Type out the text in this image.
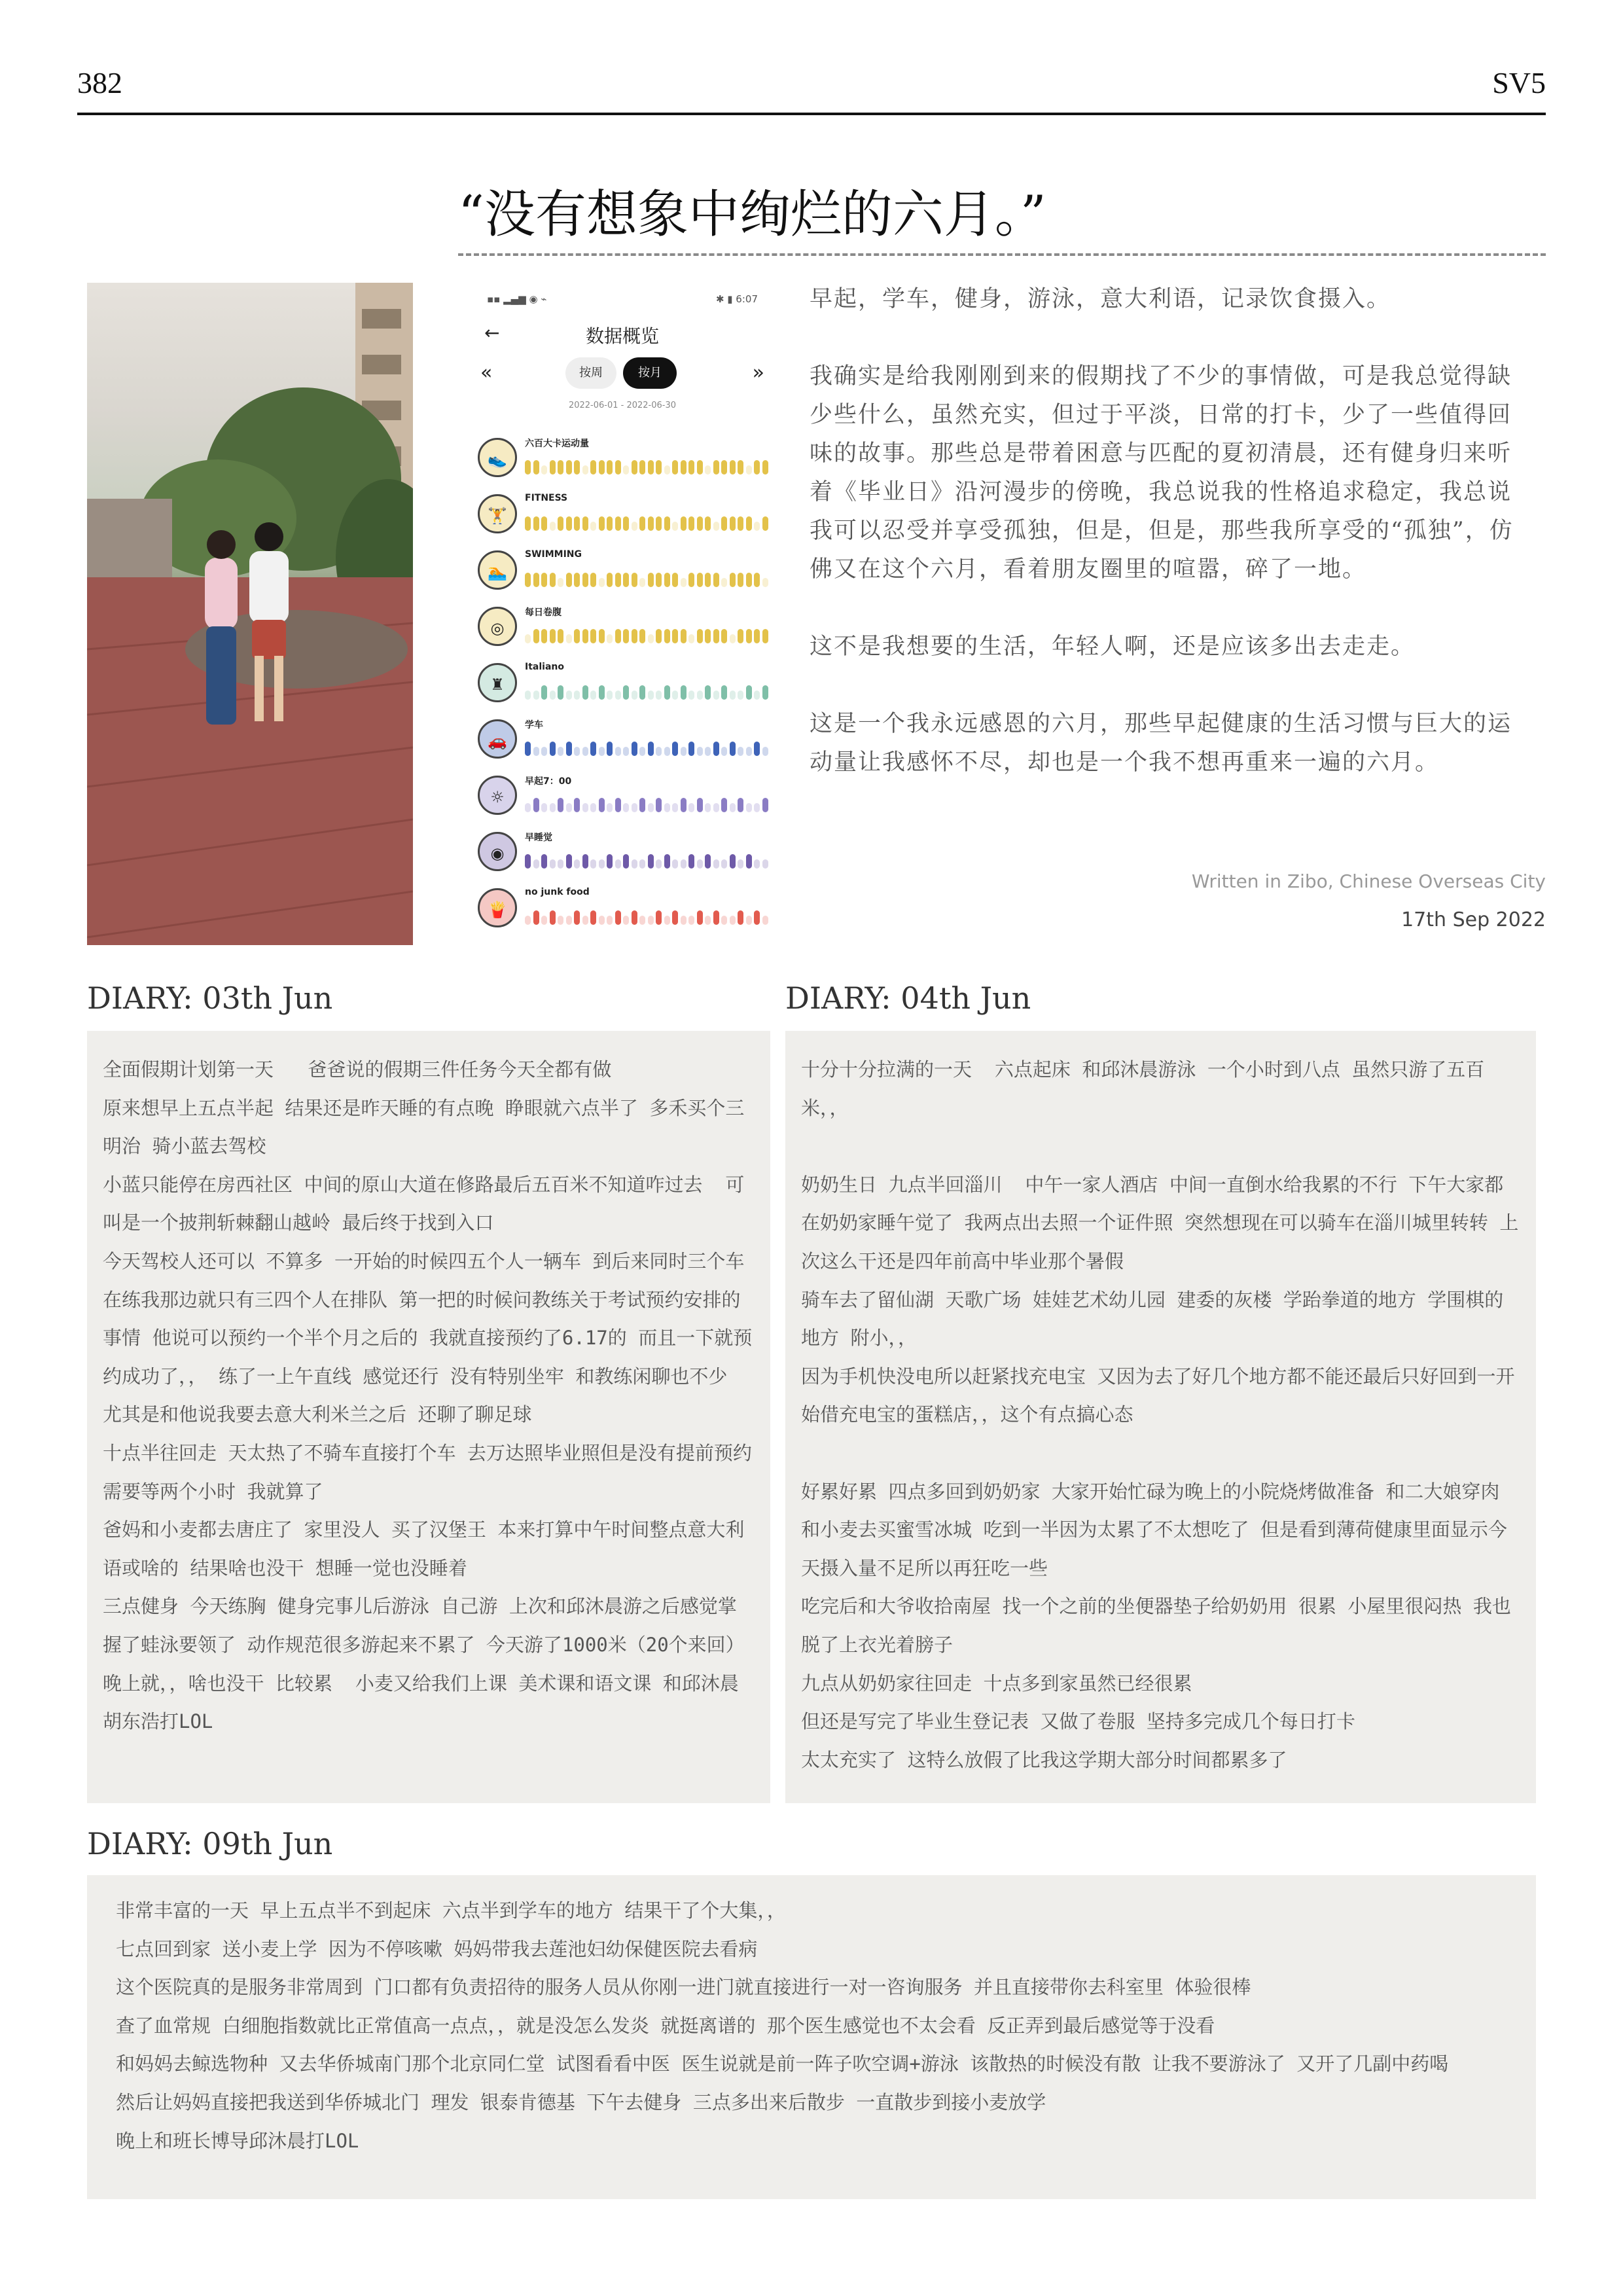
382	SV5
“没有想象中绚烂的六月。”
▪▪ ▂▄▆ ◉ ⌁	✱ ▮ 6:07
←	数据概览
«	»
按周	按月
2022-06-01 - 2022-06-30
👟
六百大卡运动量
🏋
FITNESS
🏊
SWIMMING
◎
每日卷腹
♜
Italiano
🚗
学车
☼
早起7：00
◉
早睡觉
🍟
no junk food

早起，学车，健身，游泳，意大利语，记录饮食摄入。

我确实是给我刚刚到来的假期找了不少的事情做，可是我总觉得缺少些什么，虽然充实，但过于平淡，日常的打卡，少了一些值得回味的故事。那些总是带着困意与匹配的夏初清晨，还有健身归来听着《毕业日》沿河漫步的傍晚，我总说我的性格追求稳定，我总说我可以忍受并享受孤独，但是，但是，那些我所享受的“孤独”，仿佛又在这个六月，看着朋友圈里的喧嚣，碎了一地。

这不是我想要的生活，年轻人啊，还是应该多出去走走。

这是一个我永远感恩的六月，那些早起健康的生活习惯与巨大的运动量让我感怀不尽，却也是一个我不想再重来一遍的六月。

Written in Zibo, Chinese Overseas City
17th Sep 2022
DIARY: 03th Jun
全面假期计划第一天   爸爸说的假期三件任务今天全都有做
原来想早上五点半起 结果还是昨天睡的有点晚 睁眼就六点半了 多禾买个三明治 骑小蓝去驾校
小蓝只能停在房西社区 中间的原山大道在修路最后五百米不知道咋过去  可叫是一个披荆斩棘翻山越岭 最后终于找到入口
今天驾校人还可以 不算多 一开始的时候四五个人一辆车 到后来同时三个车在练我那边就只有三四个人在排队 第一把的时候问教练关于考试预约安排的事情 他说可以预约一个半个月之后的 我就直接预约了6.17的 而且一下就预约成功了，， 练了一上午直线 感觉还行 没有特别坐牢 和教练闲聊也不少 尤其是和他说我要去意大利米兰之后 还聊了聊足球
十点半往回走 天太热了不骑车直接打个车 去万达照毕业照但是没有提前预约需要等两个小时 我就算了
爸妈和小麦都去唐庄了 家里没人 买了汉堡王 本来打算中午时间整点意大利语或啥的 结果啥也没干 想睡一觉也没睡着
三点健身 今天练胸 健身完事儿后游泳 自己游 上次和邱沐晨游之后感觉掌握了蛙泳要领了 动作规范很多游起来不累了 今天游了1000米（20个来回） 晚上就，，啥也没干 比较累  小麦又给我们上课 美术课和语文课 和邱沐晨胡东浩打LOL
DIARY: 04th Jun
十分十分拉满的一天  六点起床 和邱沐晨游泳 一个小时到八点 虽然只游了五百米，，

奶奶生日 九点半回淄川  中午一家人酒店 中间一直倒水给我累的不行 下午大家都在奶奶家睡午觉了 我两点出去照一个证件照 突然想现在可以骑车在淄川城里转转 上次这么干还是四年前高中毕业那个暑假
骑车去了留仙湖 天歌广场 娃娃艺术幼儿园 建委的灰楼 学跆拳道的地方 学围棋的地方 附小，，
因为手机快没电所以赶紧找充电宝 又因为去了好几个地方都不能还最后只好回到一开始借充电宝的蛋糕店，，这个有点搞心态

好累好累 四点多回到奶奶家 大家开始忙碌为晚上的小院烧烤做准备 和二大娘穿肉 和小麦去买蜜雪冰城 吃到一半因为太累了不太想吃了 但是看到薄荷健康里面显示今天摄入量不足所以再狂吃一些
吃完后和大爷收拾南屋 找一个之前的坐便器垫子给奶奶用 很累 小屋里很闷热 我也脱了上衣光着膀子
九点从奶奶家往回走 十点多到家虽然已经很累
但还是写完了毕业生登记表 又做了卷服 坚持多完成几个每日打卡
太太充实了 这特么放假了比我这学期大部分时间都累多了
DIARY: 09th Jun
非常丰富的一天 早上五点半不到起床 六点半到学车的地方 结果干了个大集，，
七点回到家 送小麦上学 因为不停咳嗽 妈妈带我去莲池妇幼保健医院去看病
这个医院真的是服务非常周到 门口都有负责招待的服务人员从你刚一进门就直接进行一对一咨询服务 并且直接带你去科室里 体验很棒
查了血常规 白细胞指数就比正常值高一点点，，就是没怎么发炎 就挺离谱的 那个医生感觉也不太会看 反正弄到最后感觉等于没看
和妈妈去鲸选物种 又去华侨城南门那个北京同仁堂 试图看看中医 医生说就是前一阵子吹空调+游泳 该散热的时候没有散 让我不要游泳了 又开了几副中药喝
然后让妈妈直接把我送到华侨城北门 理发 银泰肯德基 下午去健身 三点多出来后散步 一直散步到接小麦放学
晚上和班长博导邱沐晨打LOL
